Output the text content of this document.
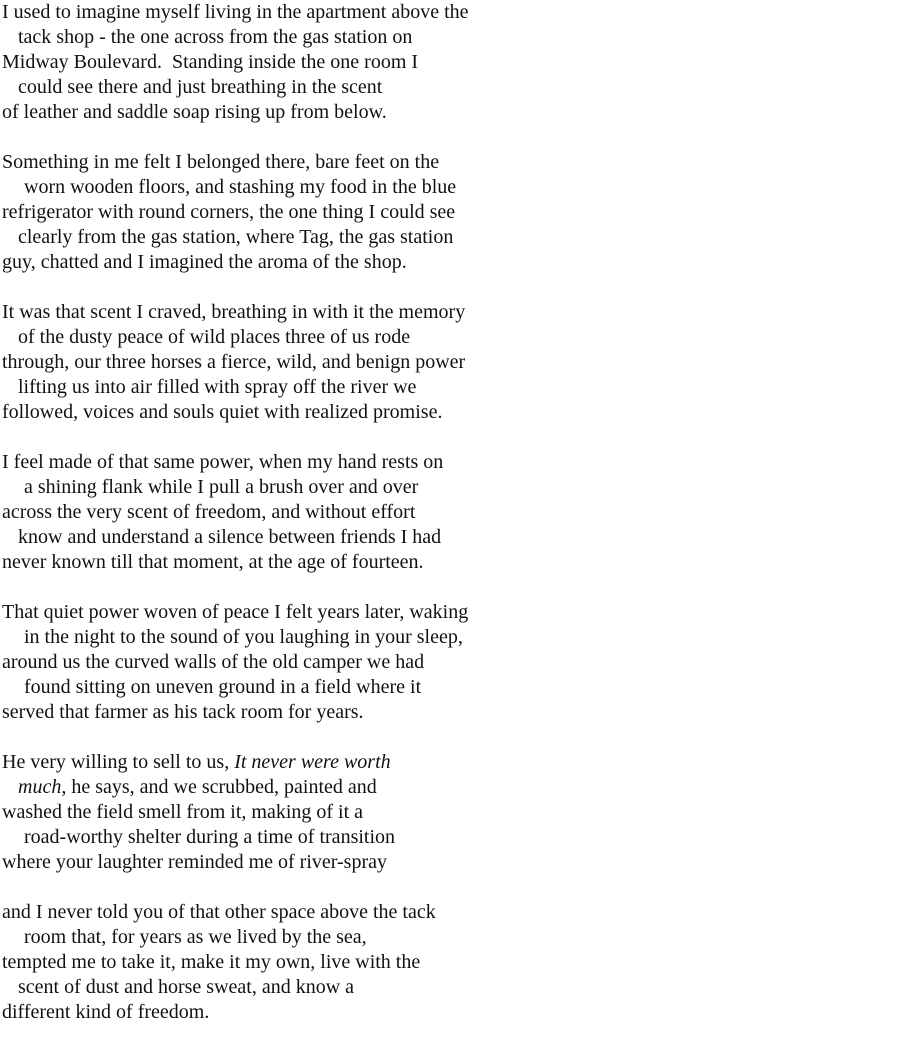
I used to imagine myself living in the apartment above the
tack shop - the one across from the gas station on
Midway Boulevard.  Standing inside the one room I
could see there and just breathing in the scent
of leather and saddle soap rising up from below.
Something in me felt I belonged there, bare feet on the
worn wooden floors, and stashing my food in the blue
refrigerator with round corners, the one thing I could see
clearly from the gas station, where Tag, the gas station
guy, chatted and I imagined the aroma of the shop.
It was that scent I craved, breathing in with it the memory
of the dusty peace of wild places three of us rode
through, our three horses a fierce, wild, and benign power
lifting us into air filled with spray off the river we
followed, voices and souls quiet with realized promise.
I feel made of that same power, when my hand rests on
a shining flank while I pull a brush over and over
across the very scent of freedom, and without effort
know and understand a silence between friends I had
never known till that moment, at the age of fourteen.
That quiet power woven of peace I felt years later, waking
in the night to the sound of you laughing in your sleep,
around us the curved walls of the old camper we had
found sitting on uneven ground in a field where it
served that farmer as his tack room for years.
He very willing to sell to us, It never were worth
much, he says, and we scrubbed, painted and
washed the field smell from it, making of it a
road-worthy shelter during a time of transition
where your laughter reminded me of river-spray
and I never told you of that other space above the tack
room that, for years as we lived by the sea,
tempted me to take it, make it my own, live with the
scent of dust and horse sweat, and know a
different kind of freedom.
